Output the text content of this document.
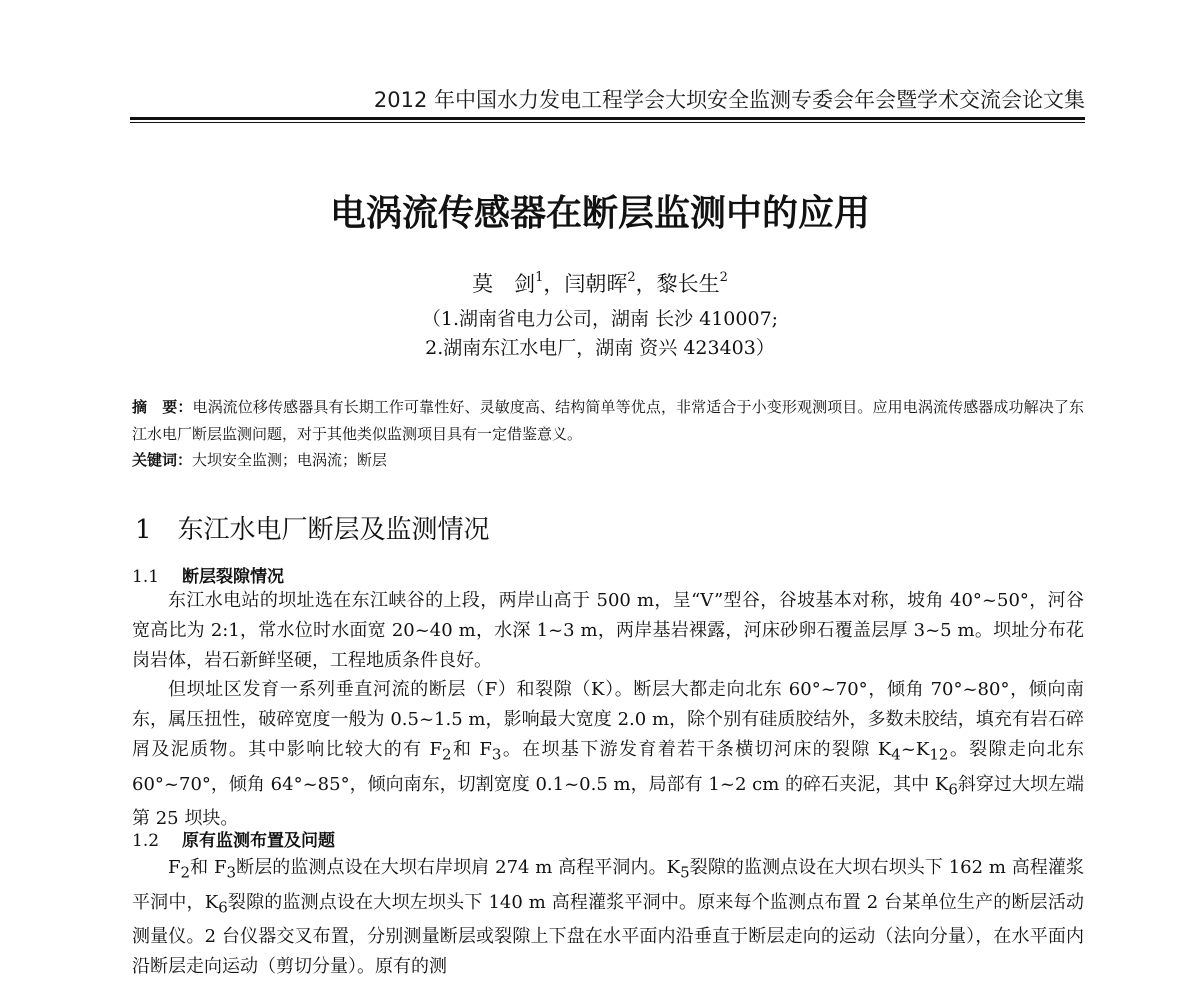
2012 年中国水力发电工程学会大坝安全监测专委会年会暨学术交流会论文集
电涡流传感器在断层监测中的应用
莫　剑$^1$，闫朝晖$^2$，黎长生$^2$
（1.湖南省电力公司，湖南 长沙 410007;
2.湖南东江水电厂，湖南 资兴 423403）
摘　要：电涡流位移传感器具有长期工作可靠性好、灵敏度高、结构简单等优点，非常适合于小变形观测项目。应用电涡流传感器成功解决了东江水电厂断层监测问题，对于其他类似监测项目具有一定借鉴意义。
关键词：大坝安全监测；电涡流；断层
1 东江水电厂断层及监测情况
1.1 断层裂隙情况

东江水电站的坝址选在东江峡谷的上段，两岸山高于 500 m，呈“V”型谷，谷坡基本对称，坡角 40°~50°，河谷宽高比为 2:1，常水位时水面宽 20~40 m，水深 1~3 m，两岸基岩裸露，河床砂卵石覆盖层厚 3~5 m。坝址分布花岗岩体，岩石新鲜坚硬，工程地质条件良好。

但坝址区发育一系列垂直河流的断层（F）和裂隙（K）。断层大都走向北东 60°~70°，倾角 70°~80°，倾向南东，属压扭性，破碎宽度一般为 0.5~1.5 m，影响最大宽度 2.0 m，除个别有硅质胶结外，多数未胶结，填充有岩石碎屑及泥质物。其中影响比较大的有 $F_2$和 $F_3$。在坝基下游发育着若干条横切河床的裂隙 $K_4\sim K_{12}$。裂隙走向北东 60°~70°，倾角 64°~85°，倾向南东，切割宽度 0.1~0.5 m，局部有 1~2 cm 的碎石夹泥，其中 $K_6$斜穿过大坝左端第 25 坝块。

1.2 原有监测布置及问题

$F_2$和 $F_3$断层的监测点设在大坝右岸坝肩 274 m 高程平洞内。$K_5$裂隙的监测点设在大坝右坝头下 162 m 高程灌浆平洞中，$K_6$裂隙的监测点设在大坝左坝头下 140 m 高程灌浆平洞中。原来每个监测点布置 2 台某单位生产的断层活动测量仪。2 台仪器交叉布置，分别测量断层或裂隙上下盘在水平面内沿垂直于断层走向的运动（法向分量），在水平面内沿断层走向运动（剪切分量）。原有的测
